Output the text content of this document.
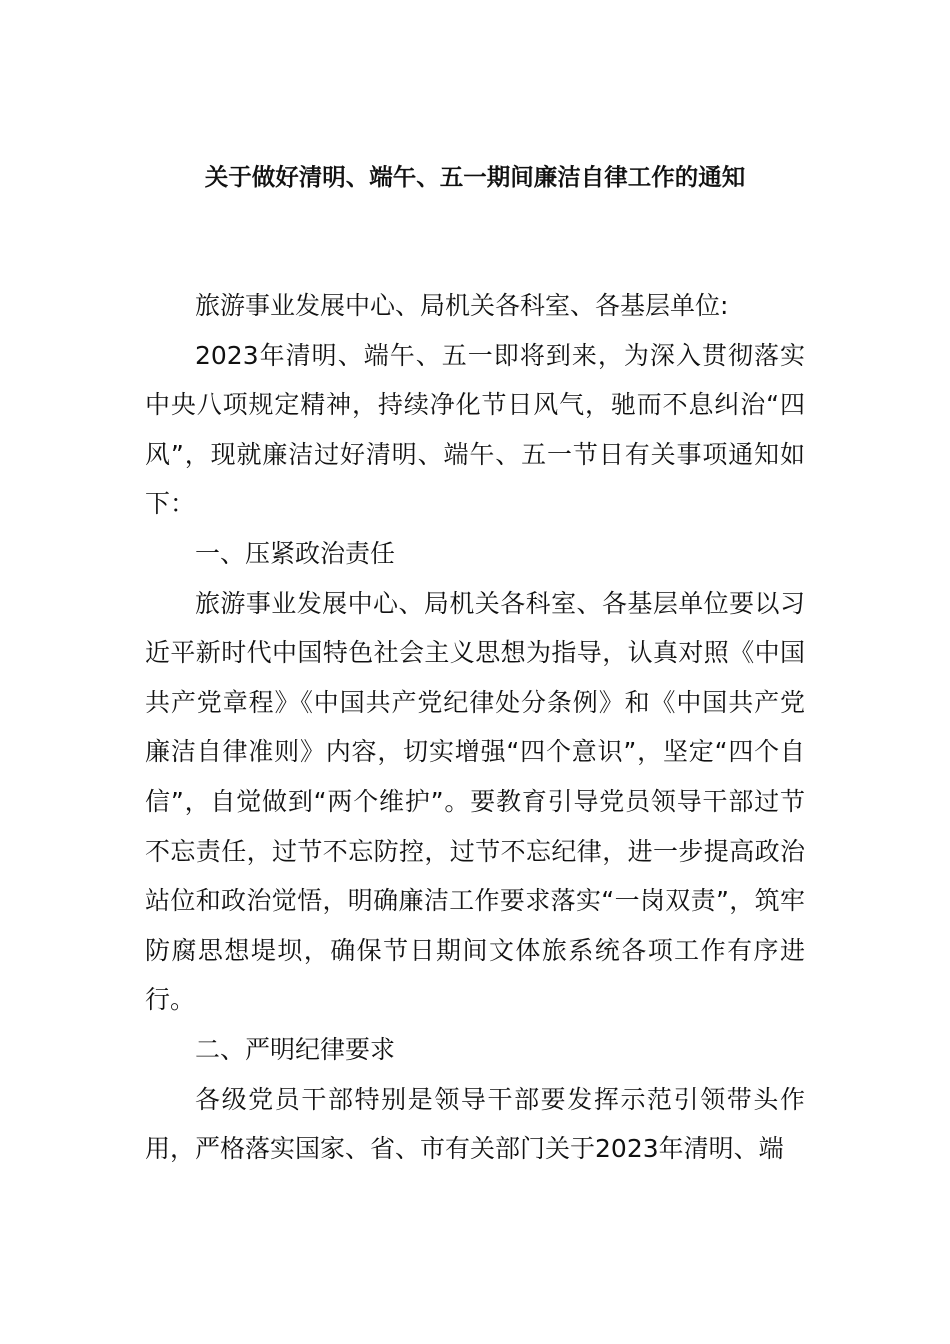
关于做好清明、端午、五一期间廉洁自律工作的通知

旅游事业发展中心、局机关各科室、各基层单位:

2023年清明、端午、五一即将到来，为深入贯彻落实中央八项规定精神，持续净化节日风气，驰而不息纠治“四风”，现就廉洁过好清明、端午、五一节日有关事项通知如下：

一、压紧政治责任

旅游事业发展中心、局机关各科室、各基层单位要以习近平新时代中国特色社会主义思想为指导，认真对照《中国共产党章程》《中国共产党纪律处分条例》和《中国共产党廉洁自律准则》内容，切实增强“四个意识”，坚定“四个自信”，自觉做到“两个维护”。要教育引导党员领导干部过节不忘责任，过节不忘防控，过节不忘纪律，进一步提高政治站位和政治觉悟，明确廉洁工作要求落实“一岗双责”，筑牢防腐思想堤坝，确保节日期间文体旅系统各项工作有序进行。

二、严明纪律要求

各级党员干部特别是领导干部要发挥示范引领带头作用，严格落实国家、省、市有关部门关于2023年清明、端
